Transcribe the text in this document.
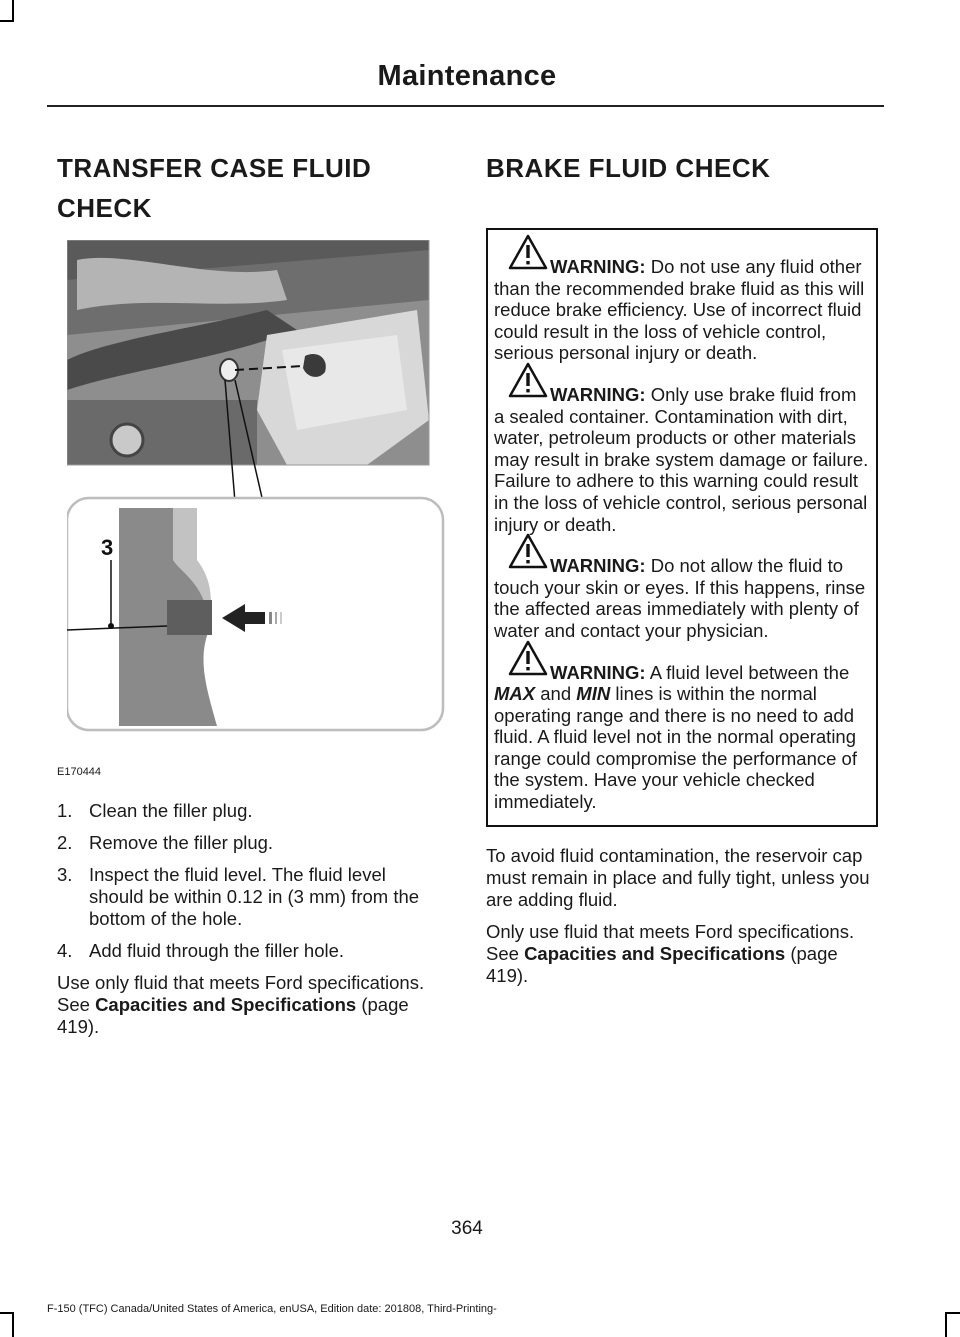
Maintenance
TRANSFER CASE FLUID
CHECK
3
E170444
1. Clean the filler plug.
2. Remove the filler plug.
3. Inspect the fluid level. The fluid level should be within 0.12 in (3 mm) from the bottom of the hole.
4. Add fluid through the filler hole.

Use only fluid that meets Ford specifications. See Capacities and Specifications (page 419).

BRAKE FLUID CHECK
WARNING: Do not use any fluid other than the recommended brake fluid as this will reduce brake efficiency. Use of incorrect fluid could result in the loss of vehicle control, serious personal injury or death.
WARNING: Only use brake fluid from a sealed container. Contamination with dirt, water, petroleum products or other materials may result in brake system damage or failure. Failure to adhere to this warning could result in the loss of vehicle control, serious personal injury or death.
WARNING: Do not allow the fluid to touch your skin or eyes. If this happens, rinse the affected areas immediately with plenty of water and contact your physician.
WARNING: A fluid level between the MAX and MIN lines is within the normal operating range and there is no need to add fluid. A fluid level not in the normal operating range could compromise the performance of the system. Have your vehicle checked immediately.

To avoid fluid contamination, the reservoir cap must remain in place and fully tight, unless you are adding fluid.

Only use fluid that meets Ford specifications. See Capacities and Specifications (page 419).

364
F-150 (TFC) Canada/United States of America, enUSA, Edition date: 201808, Third-Printing-
